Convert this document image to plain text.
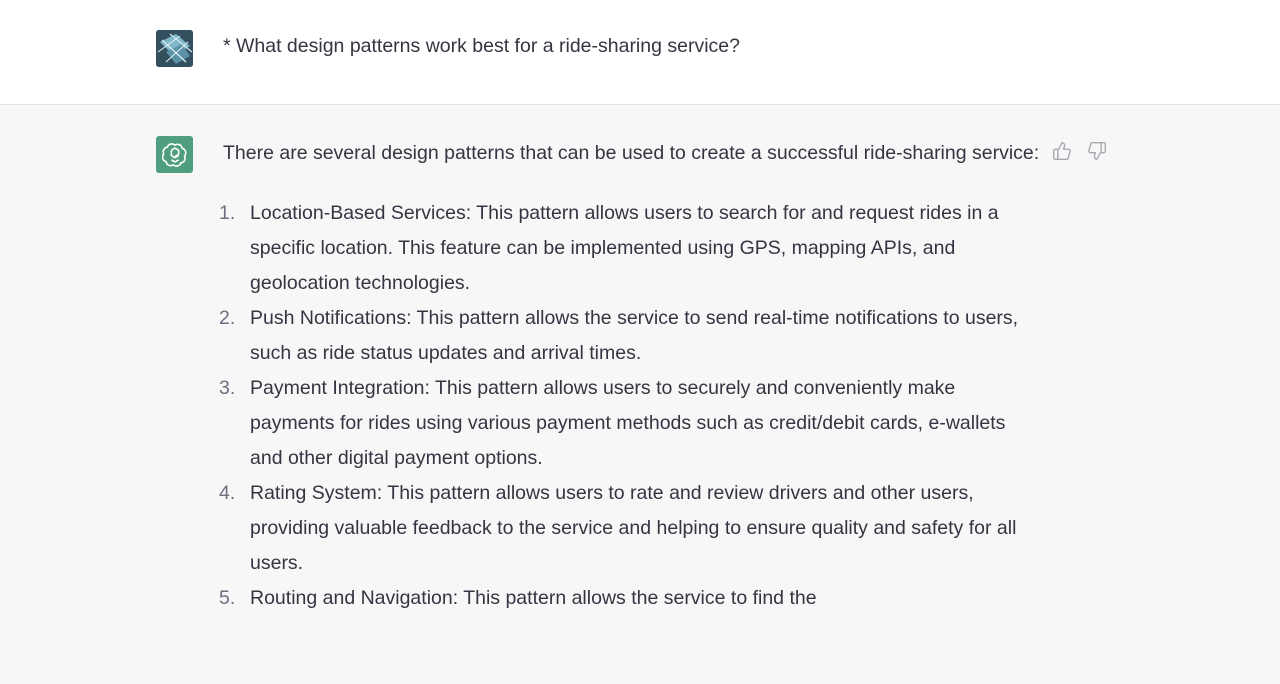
* What design patterns work best for a ride-sharing service?

There are several design patterns that can be used to create a successful ride-sharing service:

1. Location-Based Services: This pattern allows users to search for and request rides in a specific location. This feature can be implemented using GPS, mapping APIs, and geolocation technologies.
2. Push Notifications: This pattern allows the service to send real-time notifications to users, such as ride status updates and arrival times.
3. Payment Integration: This pattern allows users to securely and conveniently make payments for rides using various payment methods such as credit/debit cards, e-wallets and other digital payment options.
4. Rating System: This pattern allows users to rate and review drivers and other users, providing valuable feedback to the service and helping to ensure quality and safety for all users.
5. Routing and Navigation: This pattern allows the service to find the
